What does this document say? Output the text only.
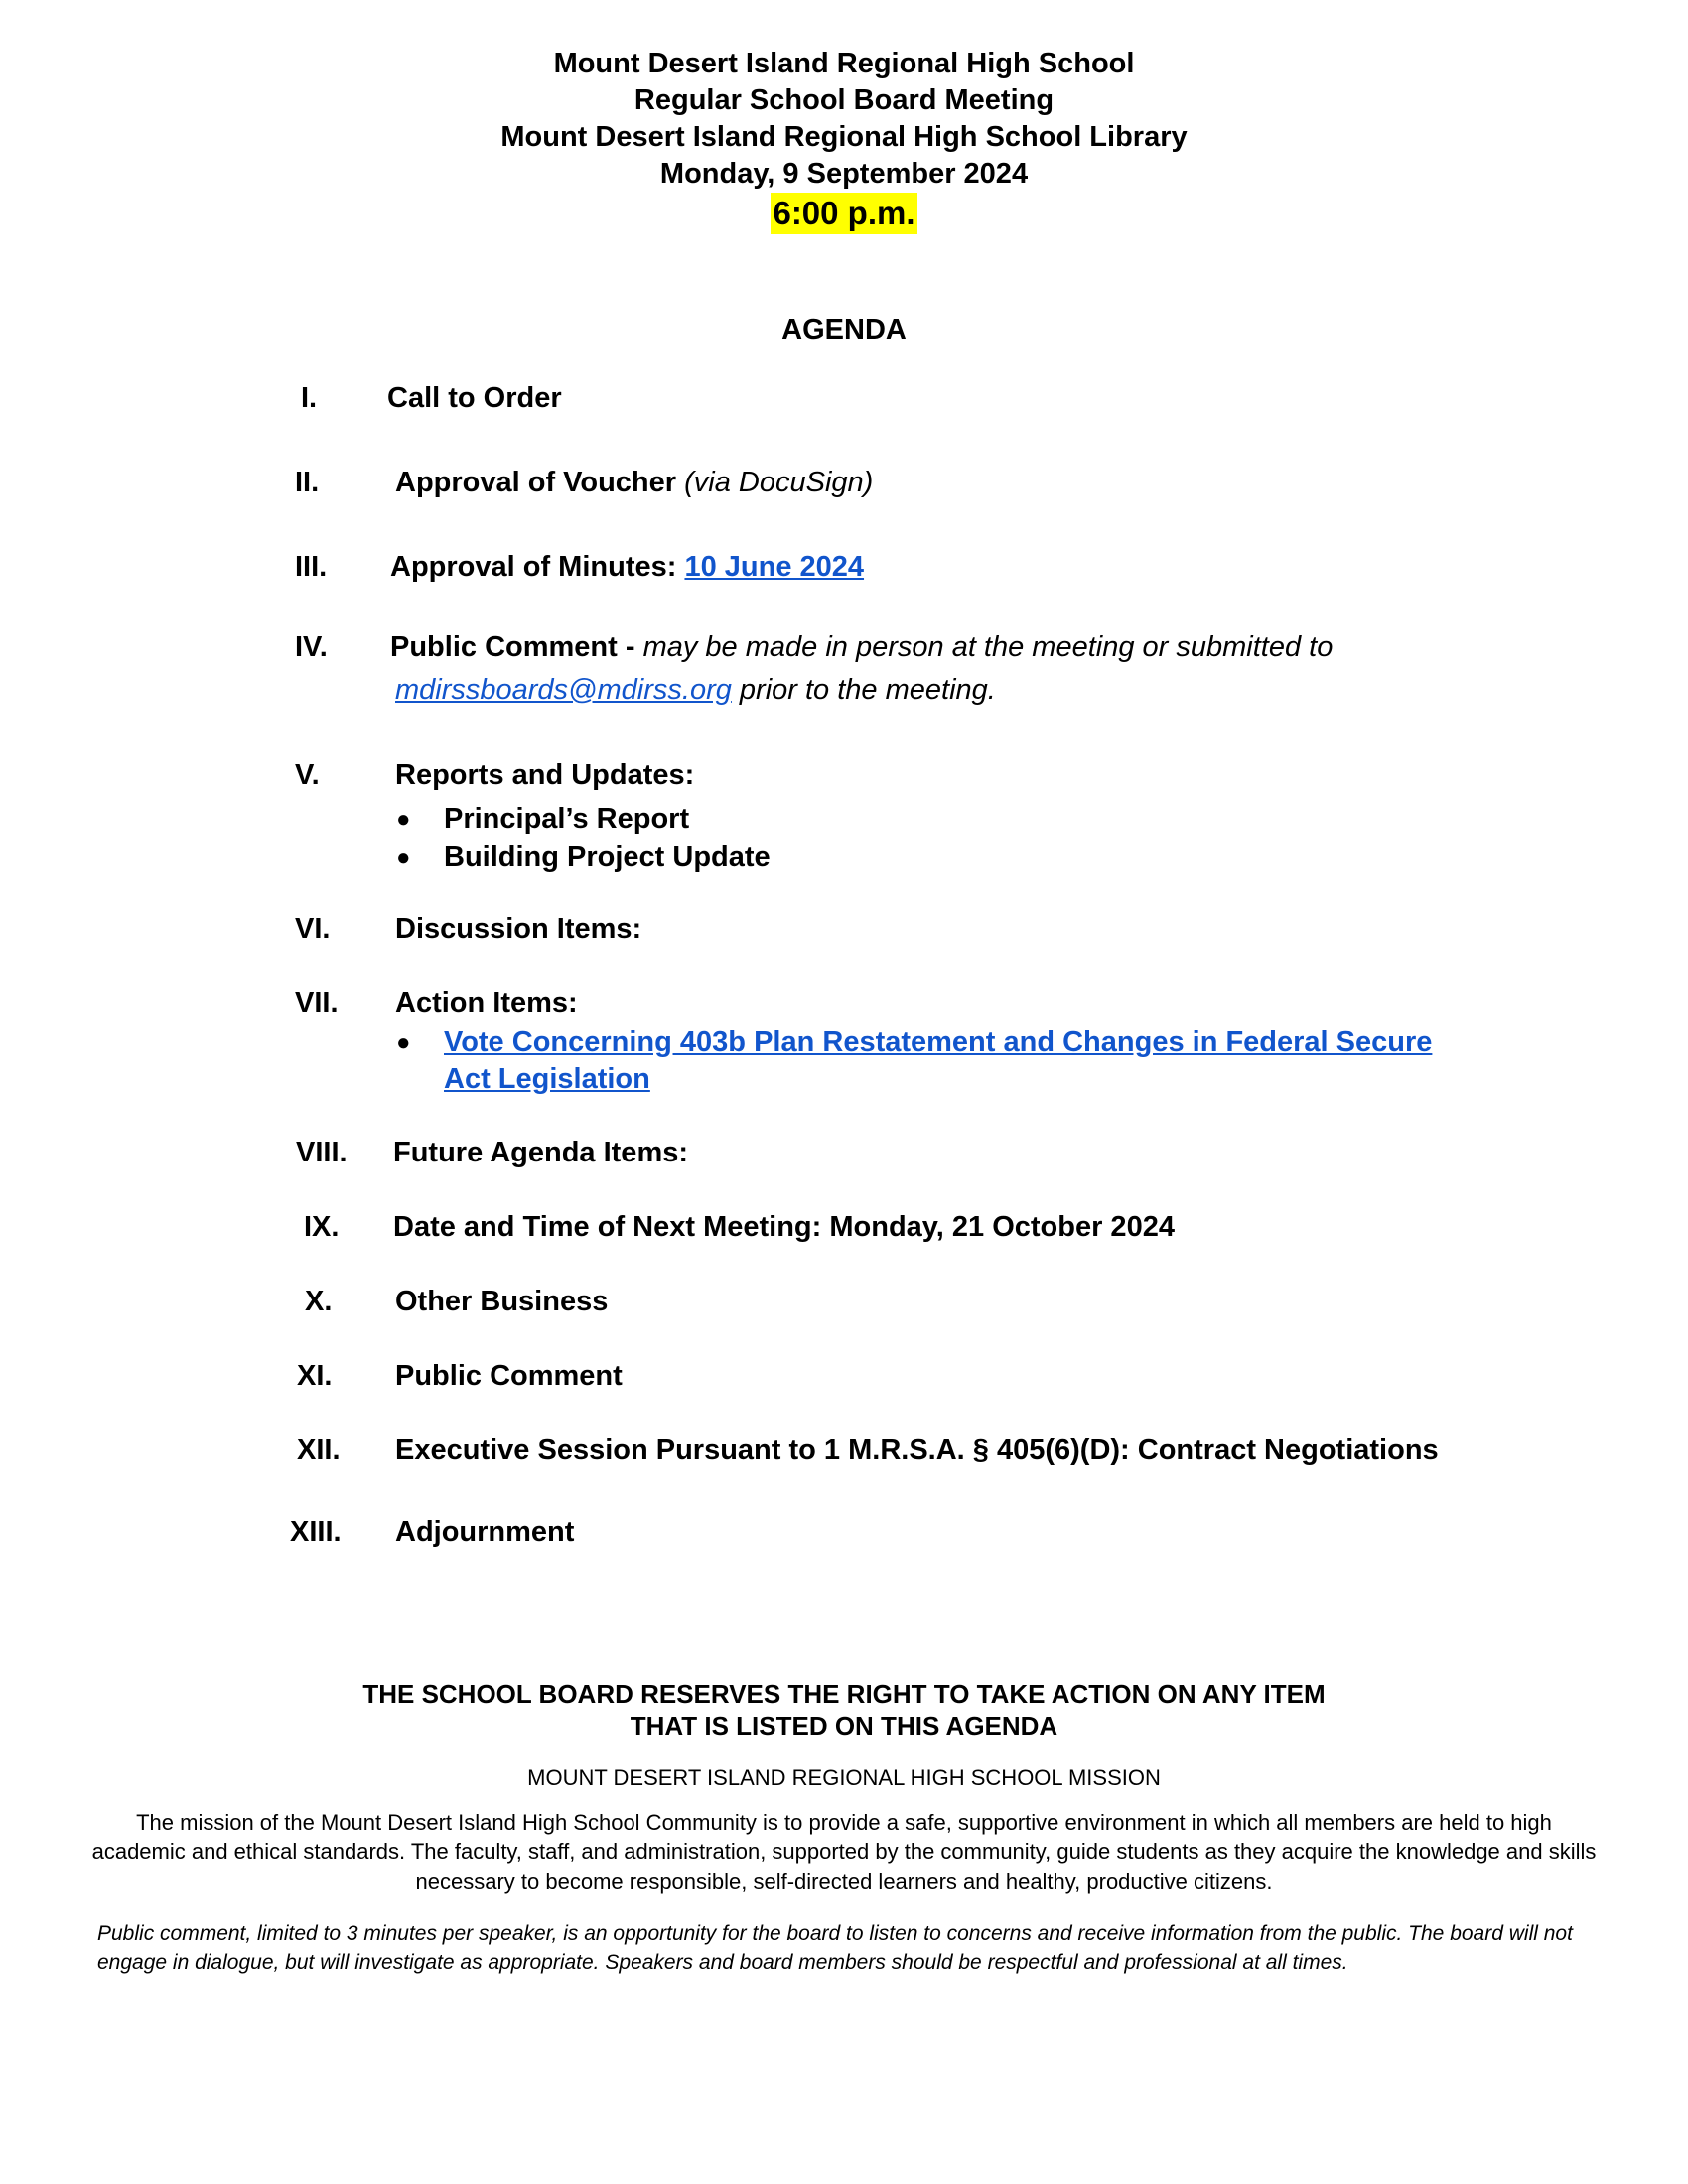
Mount Desert Island Regional High School
Regular School Board Meeting
Mount Desert Island Regional High School Library
Monday, 9 September 2024
6:00 p.m.
AGENDA
I. Call to Order
II.	Approval of Voucher (via DocuSign)
III. Approval of Minutes: 10 June 2024
IV. Public Comment - may be made in person at the meeting or submitted to
mdirssboards@mdirss.org prior to the meeting.
V.	Reports and Updates:
● Principal’s Report
● Building Project Update
VI. Discussion Items:
VII. Action Items:
● Vote Concerning 403b Plan Restatement and Changes in Federal Secure
Act Legislation
VIII. Future Agenda Items:
IX. Date and Time of Next Meeting: Monday, 21 October 2024
X. Other Business
XI. Public Comment
XII. Executive Session Pursuant to 1 M.R.S.A. § 405(6)(D): Contract Negotiations
XIII. Adjournment
THE SCHOOL BOARD RESERVES THE RIGHT TO TAKE ACTION ON ANY ITEM
THAT IS LISTED ON THIS AGENDA
MOUNT DESERT ISLAND REGIONAL HIGH SCHOOL MISSION
The mission of the Mount Desert Island High School Community is to provide a safe, supportive environment in which all members are held to high academic and ethical standards. The faculty, staff, and administration, supported by the community, guide students as they acquire the knowledge and skills necessary to become responsible, self-directed learners and healthy, productive citizens.
Public comment, limited to 3 minutes per speaker, is an opportunity for the board to listen to concerns and receive information from the public. The board will not engage in dialogue, but will investigate as appropriate. Speakers and board members should be respectful and professional at all times.
